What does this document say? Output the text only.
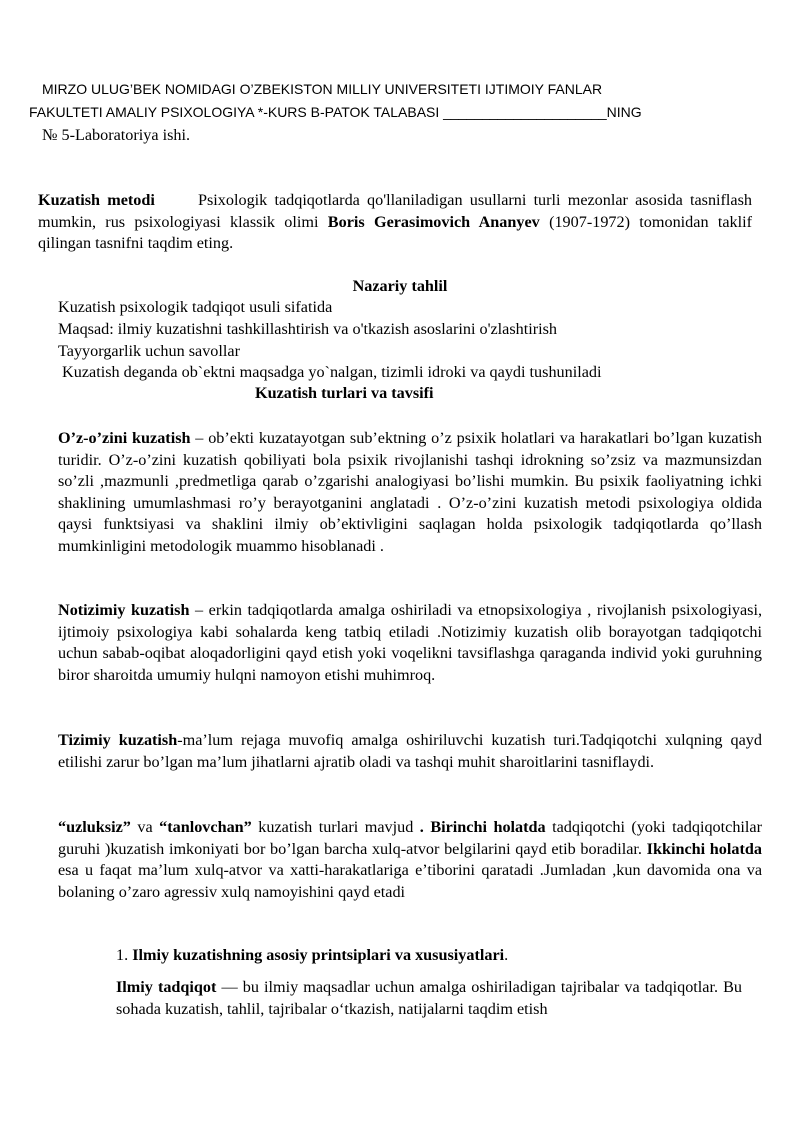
MIRZO ULUG’BEK NOMIDAGI O’ZBEKISTON MILLIY UNIVERSITETI IJTIMOIY FANLAR
FAKULTETI AMALIY PSIXOLOGIYA *-KURS B-PATOK TALABASI _____________________NING
№ 5-Laboratoriya ishi.

Kuzatish metodi	Psixologik tadqiqotlarda qo'llaniladigan usullarni turli mezonlar asosida tasniflash mumkin, rus psixologiyasi klassik olimi Boris Gerasimovich Ananyev (1907-1972) tomonidan taklif qilingan tasnifni taqdim eting.

Nazariy tahlil
Kuzatish psixologik tadqiqot usuli sifatida
Maqsad: ilmiy kuzatishni tashkillashtirish va o'tkazish asoslarini o'zlashtirish
Tayyorgarlik uchun savollar
Kuzatish deganda ob`ektni maqsadga yo`nalgan, tizimli idroki va qaydi tushuniladi
Kuzatish turlari va tavsifi

O’z-o’zini kuzatish – ob’ekti kuzatayotgan sub’ektning o’z psixik holatlari va harakatlari bo’lgan kuzatish turidir. O’z-o’zini kuzatish qobiliyati bola psixik rivojlanishi tashqi idrokning so’zsiz va mazmunsizdan so’zli ,mazmunli ,predmetliga qarab o’zgarishi analogiyasi bo’lishi mumkin. Bu psixik faoliyatning ichki shaklining umumlashmasi ro’y berayotganini anglatadi . O’z-o’zini kuzatish metodi psixologiya oldida qaysi funktsiyasi va shaklini ilmiy ob’ektivligini saqlagan holda psixologik tadqiqotlarda qo’llash mumkinligini metodologik muammo hisoblanadi .

Notizimiy kuzatish – erkin tadqiqotlarda amalga oshiriladi va etnopsixologiya , rivojlanish psixologiyasi, ijtimoiy psixologiya kabi sohalarda keng tatbiq etiladi .Notizimiy kuzatish olib borayotgan tadqiqotchi uchun sabab-oqibat aloqadorligini qayd etish yoki voqelikni tavsiflashga qaraganda individ yoki guruhning biror sharoitda umumiy hulqni namoyon etishi muhimroq.

Tizimiy kuzatish-ma’lum rejaga muvofiq amalga oshiriluvchi kuzatish turi.Tadqiqotchi xulqning qayd etilishi zarur bo’lgan ma’lum jihatlarni ajratib oladi va tashqi muhit sharoitlarini tasniflaydi.

“uzluksiz” va “tanlovchan” kuzatish turlari mavjud . Birinchi holatda tadqiqotchi (yoki tadqiqotchilar guruhi )kuzatish imkoniyati bor bo’lgan barcha xulq-atvor belgilarini qayd etib boradilar. Ikkinchi holatda esa u faqat ma’lum xulq-atvor va xatti-harakatlariga e’tiborini qaratadi .Jumladan ,kun davomida ona va bolaning o’zaro agressiv xulq namoyishini qayd etadi

1. Ilmiy kuzatishning asosiy printsiplari va xususiyatlari.

Ilmiy tadqiqot — bu ilmiy maqsadlar uchun amalga oshiriladigan tajribalar va tadqiqotlar. Bu sohada kuzatish, tahlil, tajribalar o‘tkazish, natijalarni taqdim etish
